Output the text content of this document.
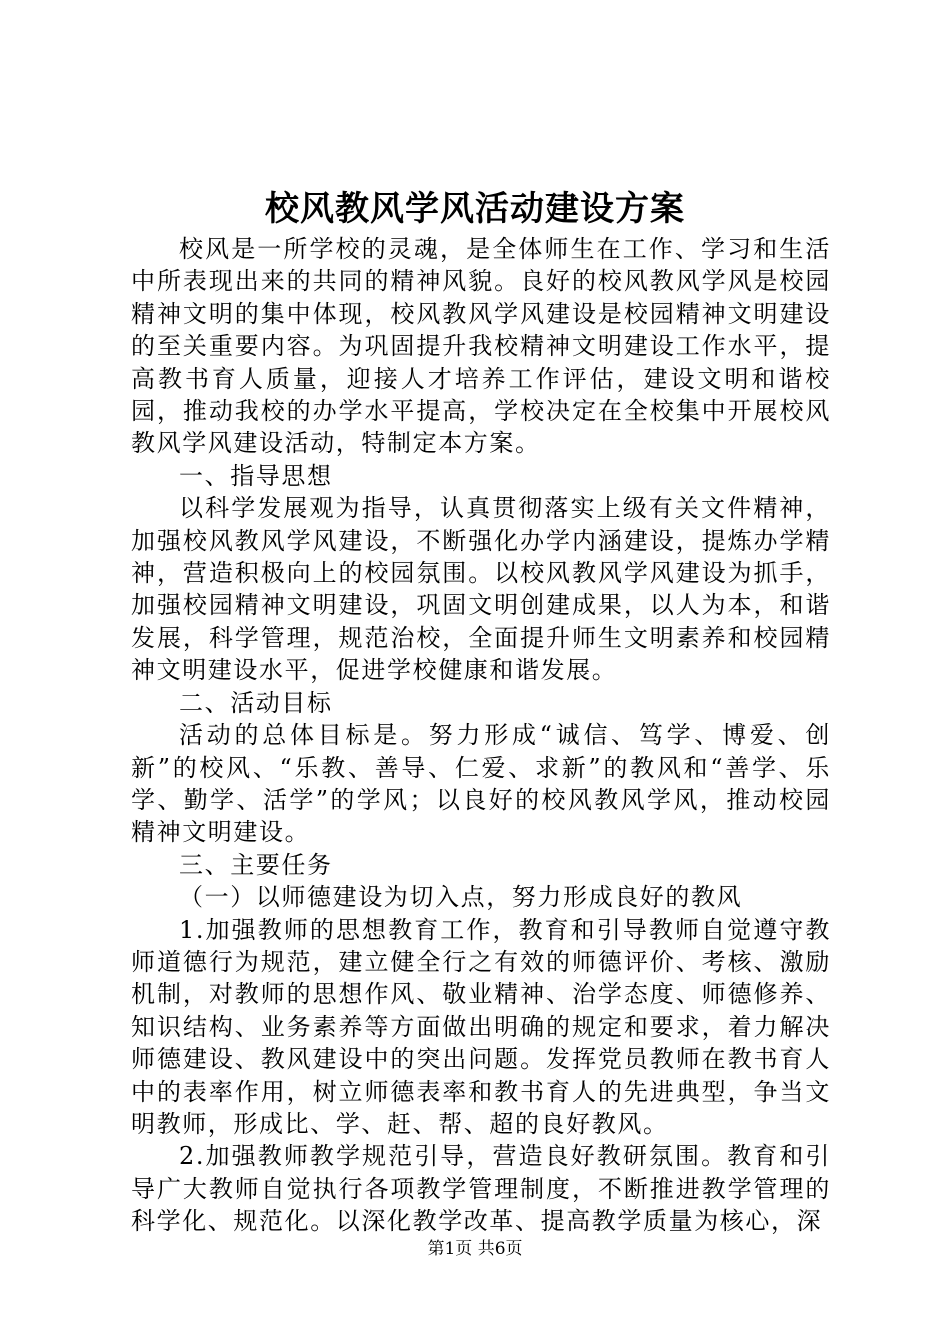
校风教风学风活动建设方案

校风是一所学校的灵魂，是全体师生在工作、学习和生活中所表现出来的共同的精神风貌。良好的校风教风学风是校园精神文明的集中体现，校风教风学风建设是校园精神文明建设的至关重要内容。为巩固提升我校精神文明建设工作水平，提高教书育人质量，迎接人才培养工作评估，建设文明和谐校园，推动我校的办学水平提高，学校决定在全校集中开展校风教风学风建设活动，特制定本方案。

一、指导思想

以科学发展观为指导，认真贯彻落实上级有关文件精神，加强校风教风学风建设，不断强化办学内涵建设，提炼办学精神，营造积极向上的校园氛围。以校风教风学风建设为抓手，加强校园精神文明建设，巩固文明创建成果，以人为本，和谐发展，科学管理，规范治校，全面提升师生文明素养和校园精神文明建设水平，促进学校健康和谐发展。

二、活动目标

活动的总体目标是。努力形成“诚信、笃学、博爱、创新”的校风、“乐教、善导、仁爱、求新”的教风和“善学、乐学、勤学、活学”的学风；以良好的校风教风学风，推动校园精神文明建设。

三、主要任务

（一）以师德建设为切入点，努力形成良好的教风

1.加强教师的思想教育工作，教育和引导教师自觉遵守教师道德行为规范，建立健全行之有效的师德评价、考核、激励机制，对教师的思想作风、敬业精神、治学态度、师德修养、知识结构、业务素养等方面做出明确的规定和要求，着力解决师德建设、教风建设中的突出问题。发挥党员教师在教书育人中的表率作用，树立师德表率和教书育人的先进典型，争当文明教师，形成比、学、赶、帮、超的良好教风。

2.加强教师教学规范引导，营造良好教研氛围。教育和引导广大教师自觉执行各项教学管理制度，不断推进教学管理的科学化、规范化。以深化教学改革、提高教学质量为核心，深

第1页 共6页
